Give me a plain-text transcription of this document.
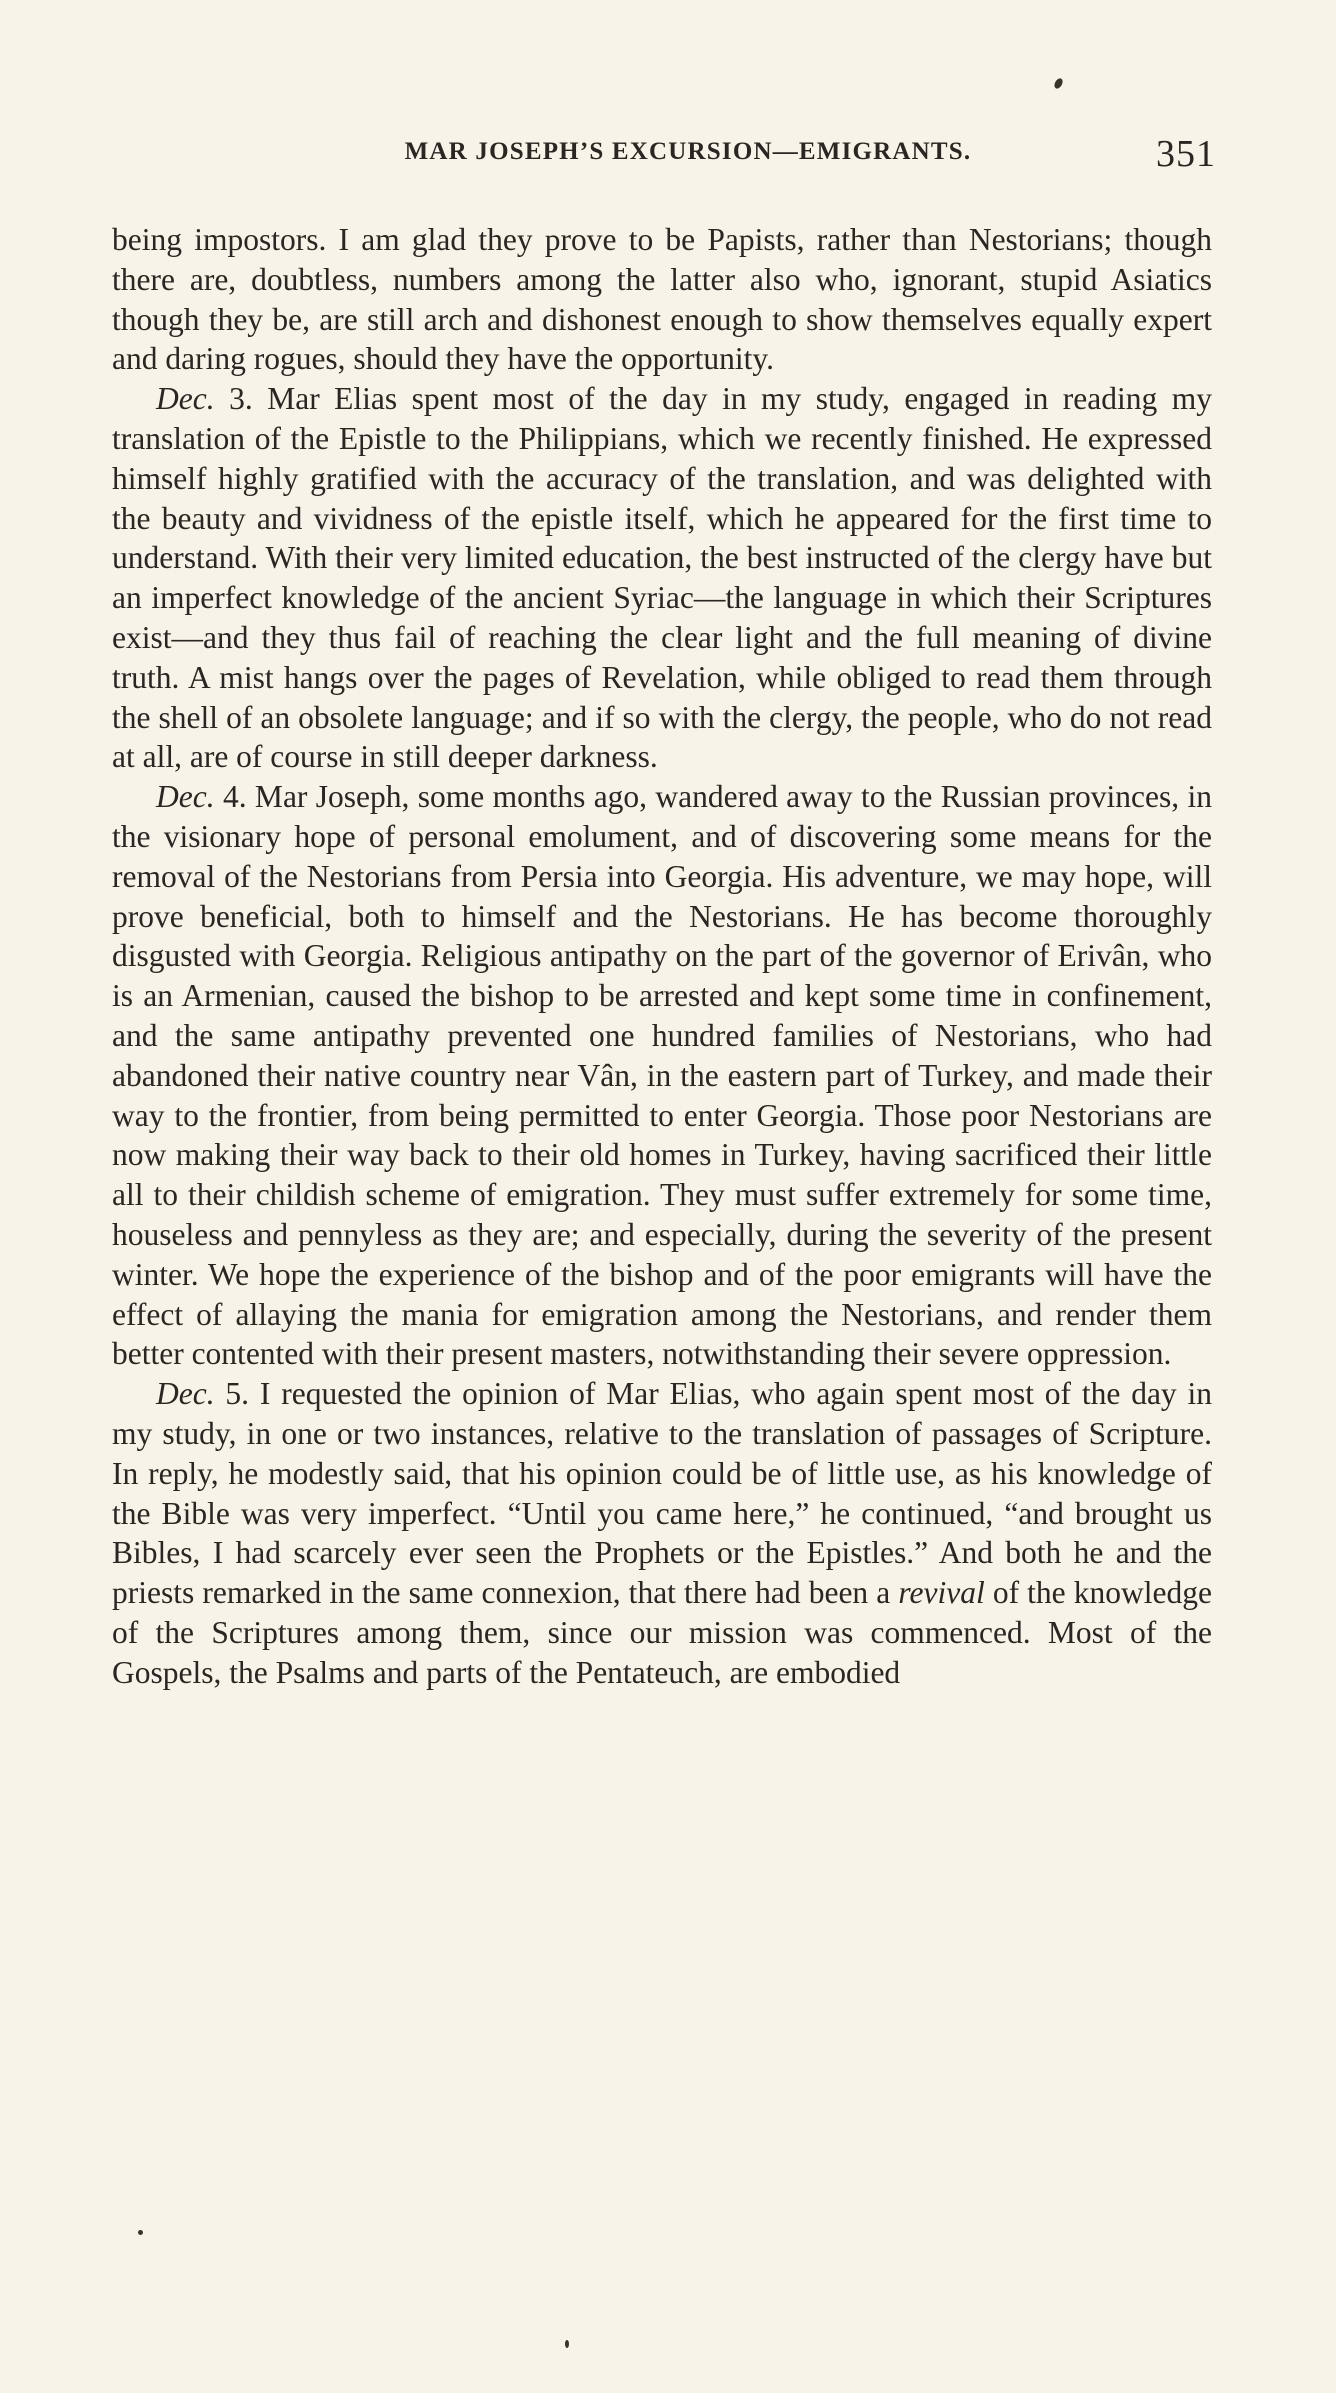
MAR JOSEPH’S EXCURSION—EMIGRANTS.	351

being impostors. I am glad they prove to be Papists, rather than Nestorians; though there are, doubtless, numbers among the latter also who, ignorant, stupid Asiatics though they be, are still arch and dishonest enough to show themselves equally expert and daring rogues, should they have the opportunity.

Dec. 3. Mar Elias spent most of the day in my study, engaged in reading my translation of the Epistle to the Philippians, which we recently finished. He expressed himself highly gratified with the accuracy of the translation, and was delighted with the beauty and vividness of the epistle itself, which he appeared for the first time to understand. With their very limited education, the best instructed of the clergy have but an imperfect knowledge of the ancient Syriac—the language in which their Scriptures exist—and they thus fail of reaching the clear light and the full meaning of divine truth. A mist hangs over the pages of Revelation, while obliged to read them through the shell of an obsolete language; and if so with the clergy, the people, who do not read at all, are of course in still deeper darkness.

Dec. 4. Mar Joseph, some months ago, wandered away to the Russian provinces, in the visionary hope of personal emolument, and of discovering some means for the removal of the Nestorians from Persia into Georgia. His adventure, we may hope, will prove beneficial, both to himself and the Nestorians. He has become thoroughly disgusted with Georgia. Religious antipathy on the part of the governor of Erivân, who is an Armenian, caused the bishop to be arrested and kept some time in confinement, and the same antipathy prevented one hundred families of Nestorians, who had abandoned their native country near Vân, in the eastern part of Turkey, and made their way to the frontier, from being permitted to enter Georgia. Those poor Nestorians are now making their way back to their old homes in Turkey, having sacrificed their little all to their childish scheme of emigration. They must suffer extremely for some time, houseless and pennyless as they are; and especially, during the severity of the present winter. We hope the experience of the bishop and of the poor emigrants will have the effect of allaying the mania for emigration among the Nestorians, and render them better contented with their present masters, notwithstanding their severe oppression.

Dec. 5. I requested the opinion of Mar Elias, who again spent most of the day in my study, in one or two instances, relative to the translation of passages of Scripture. In reply, he modestly said, that his opinion could be of little use, as his knowledge of the Bible was very imperfect. “Until you came here,” he continued, “and brought us Bibles, I had scarcely ever seen the Prophets or the Epistles.” And both he and the priests remarked in the same connexion, that there had been a revival of the knowledge of the Scriptures among them, since our mission was commenced. Most of the Gospels, the Psalms and parts of the Pentateuch, are embodied
